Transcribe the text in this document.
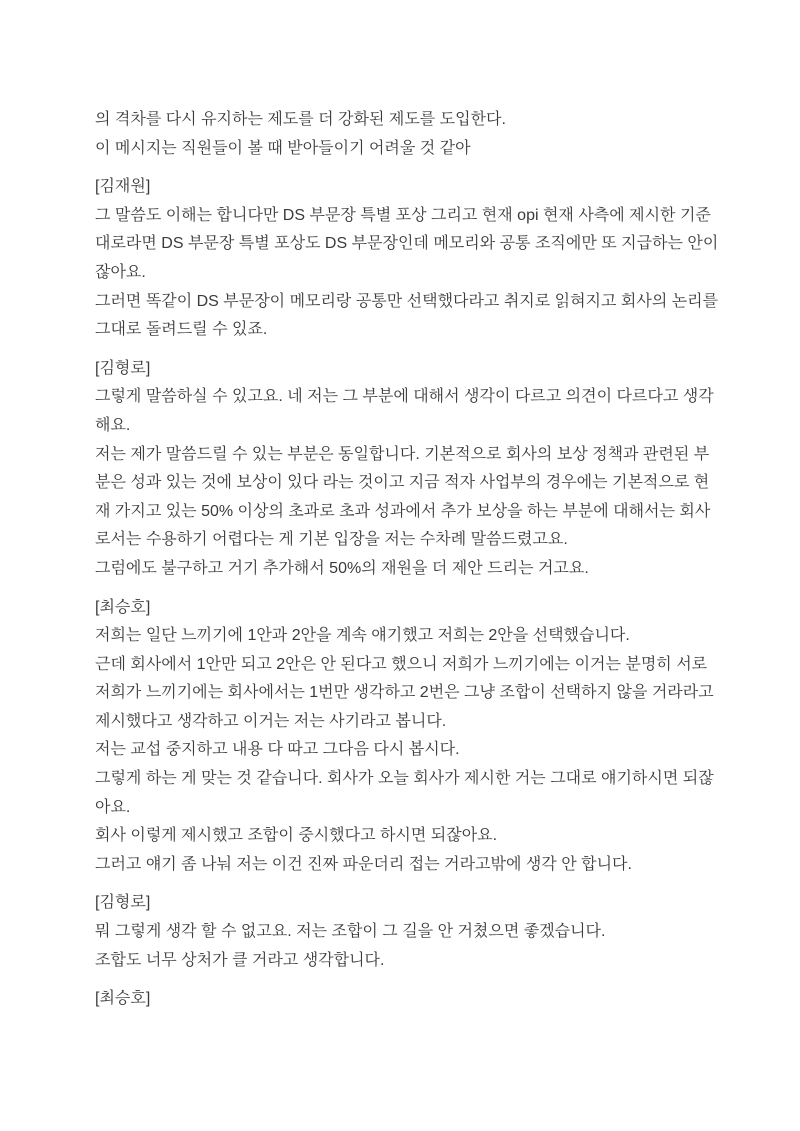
의 격차를 다시 유지하는 제도를 더 강화된 제도를 도입한다.
이 메시지는 직원들이 볼 때 받아들이기 어려울 것 같아
[김재원]
그 말씀도 이해는 합니다만 DS 부문장 특별 포상 그리고 현재 opi 현재 사측에 제시한 기준
대로라면 DS 부문장 특별 포상도 DS 부문장인데 메모리와 공통 조직에만 또 지급하는 안이
잖아요.
그러면 똑같이 DS 부문장이 메모리랑 공통만 선택했다라고 취지로 읽혀지고 회사의 논리를
그대로 돌려드릴 수 있죠.
[김형로]
그렇게 말씀하실 수 있고요. 네 저는 그 부분에 대해서 생각이 다르고 의견이 다르다고 생각
해요.
저는 제가 말씀드릴 수 있는 부분은 동일합니다. 기본적으로 회사의 보상 정책과 관련된 부
분은 성과 있는 것에 보상이 있다 라는 것이고 지금 적자 사업부의 경우에는 기본적으로 현
재 가지고 있는 50% 이상의 초과로 초과 성과에서 추가 보상을 하는 부분에 대해서는 회사
로서는 수용하기 어렵다는 게 기본 입장을 저는 수차례 말씀드렸고요.
그럼에도 불구하고 거기 추가해서 50%의 재원을 더 제안 드리는 거고요.
[최승호]
저희는 일단 느끼기에 1안과 2안을 계속 얘기했고 저희는 2안을 선택했습니다.
근데 회사에서 1안만 되고 2안은 안 된다고 했으니 저희가 느끼기에는 이거는 분명히 서로
저희가 느끼기에는 회사에서는 1번만 생각하고 2번은 그냥 조합이 선택하지 않을 거라라고
제시했다고 생각하고 이거는 저는 사기라고 봅니다.
저는 교섭 중지하고 내용 다 따고 그다음 다시 봅시다.
그렇게 하는 게 맞는 것 같습니다. 회사가 오늘 회사가 제시한 거는 그대로 얘기하시면 되잖
아요.
회사 이렇게 제시했고 조합이 중시했다고 하시면 되잖아요.
그러고 얘기 좀 나눠 저는 이건 진짜 파운더리 접는 거라고밖에 생각 안 합니다.
[김형로]
뭐 그렇게 생각 할 수 없고요. 저는 조합이 그 길을 안 거쳤으면 좋겠습니다.
조합도 너무 상처가 클 거라고 생각합니다.
[최승호]
